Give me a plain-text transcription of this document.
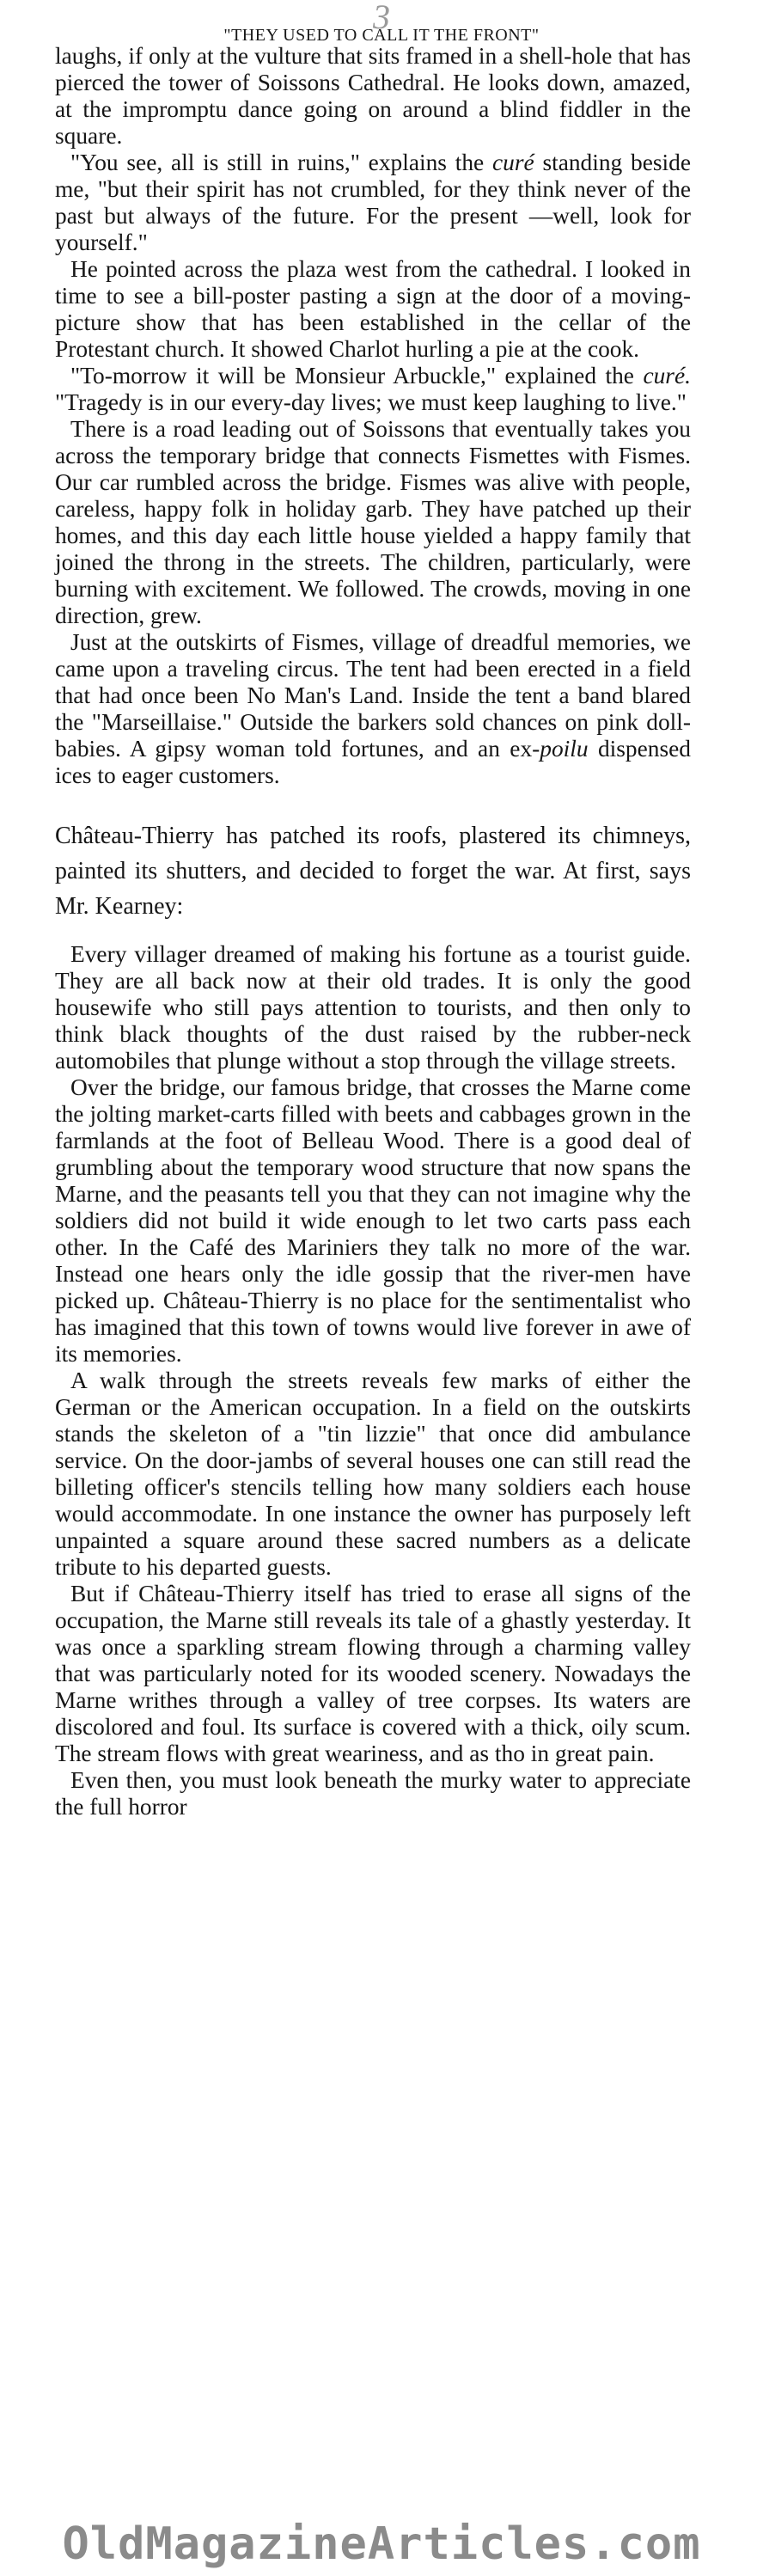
3
"THEY USED TO CALL IT THE FRONT"

laughs, if only at the vulture that sits framed in a shell-hole that has pierced the tower of Soissons Cathedral. He looks down, amazed, at the impromptu dance going on around a blind fiddler in the square.

"You see, all is still in ruins," explains the curé standing beside me, "but their spirit has not crumbled, for they think never of the past but always of the future. For the present —well, look for yourself."

He pointed across the plaza west from the cathedral. I looked in time to see a bill-poster pasting a sign at the door of a moving-picture show that has been established in the cellar of the Protestant church. It showed Charlot hurling a pie at the cook.

"To-morrow it will be Monsieur Arbuckle," explained the curé. "Tragedy is in our every-day lives; we must keep laughing to live."

There is a road leading out of Soissons that eventually takes you across the temporary bridge that connects Fismettes with Fismes. Our car rumbled across the bridge. Fismes was alive with people, careless, happy folk in holiday garb. They have patched up their homes, and this day each little house yielded a happy family that joined the throng in the streets. The children, particularly, were burning with excitement. We followed. The crowds, moving in one direction, grew.

Just at the outskirts of Fismes, village of dreadful memories, we came upon a traveling circus. The tent had been erected in a field that had once been No Man's Land. Inside the tent a band blared the "Marseillaise." Outside the barkers sold chances on pink doll-babies. A gipsy woman told fortunes, and an ex-poilu dispensed ices to eager customers.

Château-Thierry has patched its roofs, plastered its chimneys, painted its shutters, and decided to forget the war. At first, says Mr. Kearney:

Every villager dreamed of making his fortune as a tourist guide. They are all back now at their old trades. It is only the good housewife who still pays attention to tourists, and then only to think black thoughts of the dust raised by the rubber-neck automobiles that plunge without a stop through the village streets.

Over the bridge, our famous bridge, that crosses the Marne come the jolting market-carts filled with beets and cabbages grown in the farmlands at the foot of Belleau Wood. There is a good deal of grumbling about the temporary wood structure that now spans the Marne, and the peasants tell you that they can not imagine why the soldiers did not build it wide enough to let two carts pass each other. In the Café des Mariniers they talk no more of the war. Instead one hears only the idle gossip that the river-men have picked up. Château-Thierry is no place for the sentimentalist who has imagined that this town of towns would live forever in awe of its memories.

A walk through the streets reveals few marks of either the German or the American occupation. In a field on the outskirts stands the skeleton of a "tin lizzie" that once did ambulance service. On the door-jambs of several houses one can still read the billeting officer's stencils telling how many soldiers each house would accommodate. In one instance the owner has purposely left unpainted a square around these sacred numbers as a delicate tribute to his departed guests.

But if Château-Thierry itself has tried to erase all signs of the occupation, the Marne still reveals its tale of a ghastly yesterday. It was once a sparkling stream flowing through a charming valley that was particularly noted for its wooded scenery. Nowadays the Marne writhes through a valley of tree corpses. Its waters are discolored and foul. Its surface is covered with a thick, oily scum. The stream flows with great weariness, and as tho in great pain.

Even then, you must look beneath the murky water to appreciate the full horror

OldMagazineArticles.com
